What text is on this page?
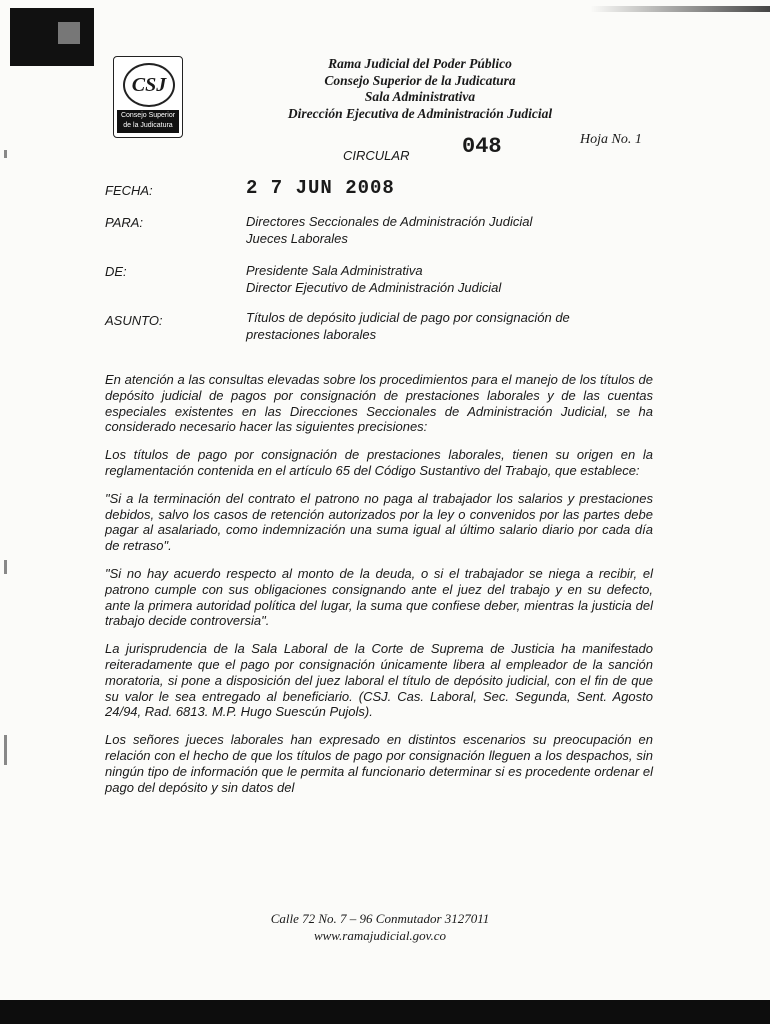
CSJ
Consejo Superior de la Judicatura
Rama Judicial del Poder Público
Consejo Superior de la Judicatura
Sala Administrativa
Dirección Ejecutiva de Administración Judicial
CIRCULAR 048	Hoja No. 1
FECHA:	2 7 JUN 2008
PARA:	Directores Seccionales de Administración Judicial
Jueces Laborales
DE:	Presidente Sala Administrativa
Director Ejecutivo de Administración Judicial
ASUNTO:	Títulos de depósito judicial de pago por consignación de
prestaciones laborales

En atención a las consultas elevadas sobre los procedimientos para el manejo de los títulos de depósito judicial de pagos por consignación de prestaciones laborales y de las cuentas especiales existentes en las Direcciones Seccionales de Administración Judicial, se ha considerado necesario hacer las siguientes precisiones:

Los títulos de pago por consignación de prestaciones laborales, tienen su origen en la reglamentación contenida en el artículo 65 del Código Sustantivo del Trabajo, que establece:

"Si a la terminación del contrato el patrono no paga al trabajador los salarios y prestaciones debidos, salvo los casos de retención autorizados por la ley o convenidos por las partes debe pagar al asalariado, como indemnización una suma igual al último salario diario por cada día de retraso".

"Si no hay acuerdo respecto al monto de la deuda, o si el trabajador se niega a recibir, el patrono cumple con sus obligaciones consignando ante el juez del trabajo y en su defecto, ante la primera autoridad política del lugar, la suma que confiese deber, mientras la justicia del trabajo decide controversia".

La jurisprudencia de la Sala Laboral de la Corte de Suprema de Justicia ha manifestado reiteradamente que el pago por consignación únicamente libera al empleador de la sanción moratoria, si pone a disposición del juez laboral el título de depósito judicial, con el fin de que su valor le sea entregado al beneficiario. (CSJ. Cas. Laboral, Sec. Segunda, Sent. Agosto 24/94, Rad. 6813. M.P. Hugo Suescún Pujols).

Los señores jueces laborales han expresado en distintos escenarios su preocupación en relación con el hecho de que los títulos de pago por consignación lleguen a los despachos, sin ningún tipo de información que le permita al funcionario determinar si es procedente ordenar el pago del depósito y sin datos del

Calle 72 No. 7 – 96 Conmutador 3127011
www.ramajudicial.gov.co
